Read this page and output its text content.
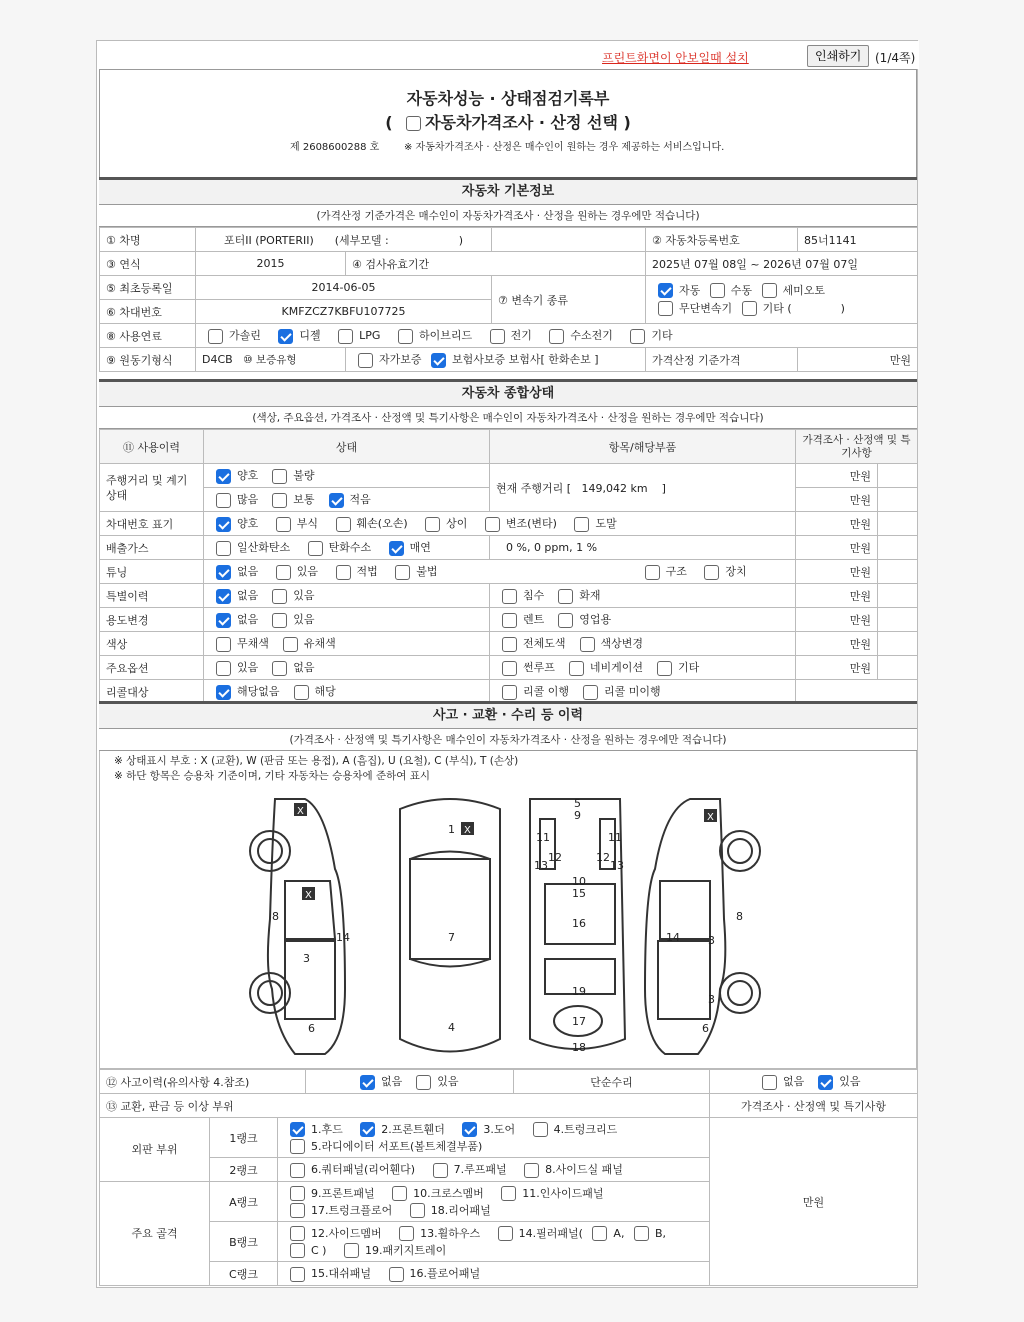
프린트화면이 안보일때 설치	인쇄하기	(1/4쪽)
자동차성능 · 상태점검기록부
( 자동차가격조사 · 산정 선택 )
제 2608600288 호 ※ 자동차가격조사 · 산정은 매수인이 원하는 경우 제공하는 서비스입니다.
자동차 기본정보
(가격산정 기준가격은 매수인이 자동차가격조사 · 산정을 원하는 경우에만 적습니다)
① 차명	포터II (PORTERII) (세부모델 : )			② 자동차등록번호	85너1141
③ 연식	2015	④ 검사유효기간		2025년 07월 08일 ~ 2026년 07월 07일	
⑤ 최초등록일	2014-06-05		⑦ 변속기 종류	자동 수동 세미오토
무단변속기 기타 ( )	
⑥ 차대번호	KMFZCZ7KBFU107725				
⑧ 사용연료	가솔린 디젤 LPG 하이브리드 전기 수소전기 기타				
⑨ 원동기형식	D4CB ⑩ 보증유형	자가보증 보험사보증 보험사[ 한화손보 ]		가격산정 기준가격	만원
자동차 종합상태
(색상, 주요옵션, 가격조사 · 산정액 및 특기사항은 매수인이 자동차가격조사 · 산정을 원하는 경우에만 적습니다)
⑪ 사용이력	상태	항목/해당부품	가격조사 · 산정액 및 특기사항	
주행거리 및 계기상태	양호 불량	현재 주행거리 [ 149,042 km ]	만원	
	많음 보통 적음		만원	
차대번호 표기	양호 부식 훼손(오손) 상이 변조(변타) 도말		만원	
배출가스	일산화탄소 탄화수소 매연	0 %, 0 ppm, 1 %	만원	
튜닝	없음 있음 적법 불법 구조 장치		만원	
특별이력	없음 있음	침수 화재	만원	
용도변경	없음 있음	렌트 영업용	만원	
색상	무채색 유채색	전체도색 색상변경	만원	
주요옵션	있음 없음	썬루프 네비게이션 기타	만원	
리콜대상	해당없음 해당	리콜 이행 리콜 미이행		
사고 · 교환 · 수리 등 이력
(가격조사 · 산정액 및 특기사항은 매수인이 자동차가격조사 · 산정을 원하는 경우에만 적습니다)
※ 상태표시 부호 : X (교환), W (판금 또는 용접), A (흠집), U (요철), C (부식), T (손상)
※ 하단 항목은 승용차 기준이며, 기타 자동차는 승용차에 준하여 표시
X
X
X
X
1
3
3
3
4
5
6	6
7
8	8
9
10
11	11
12	12
13	13
14	14
15
16
17
18
19
⑫ 사고이력(유의사항 4.참조)	없음 있음	단순수리	없음 있음
⑬ 교환, 판금 등 이상 부위			가격조사 · 산정액 및 특기사항
외판 부위	1랭크	1.후드 2.프론트휀더 3.도어 4.트렁크리드
5.라디에이터 서포트(볼트체결부품)	만원
	2랭크	6.쿼터패널(리어휀다) 7.루프패널 8.사이드실 패널	
주요 골격	A랭크	9.프론트패널 10.크로스멤버 11.인사이드패널
17.트렁크플로어 18.리어패널	
	B랭크	12.사이드멤버 13.휠하우스 14.필러패널( A, B,
C ) 19.패키지트레이	
	C랭크	15.대쉬패널 16.플로어패널	
